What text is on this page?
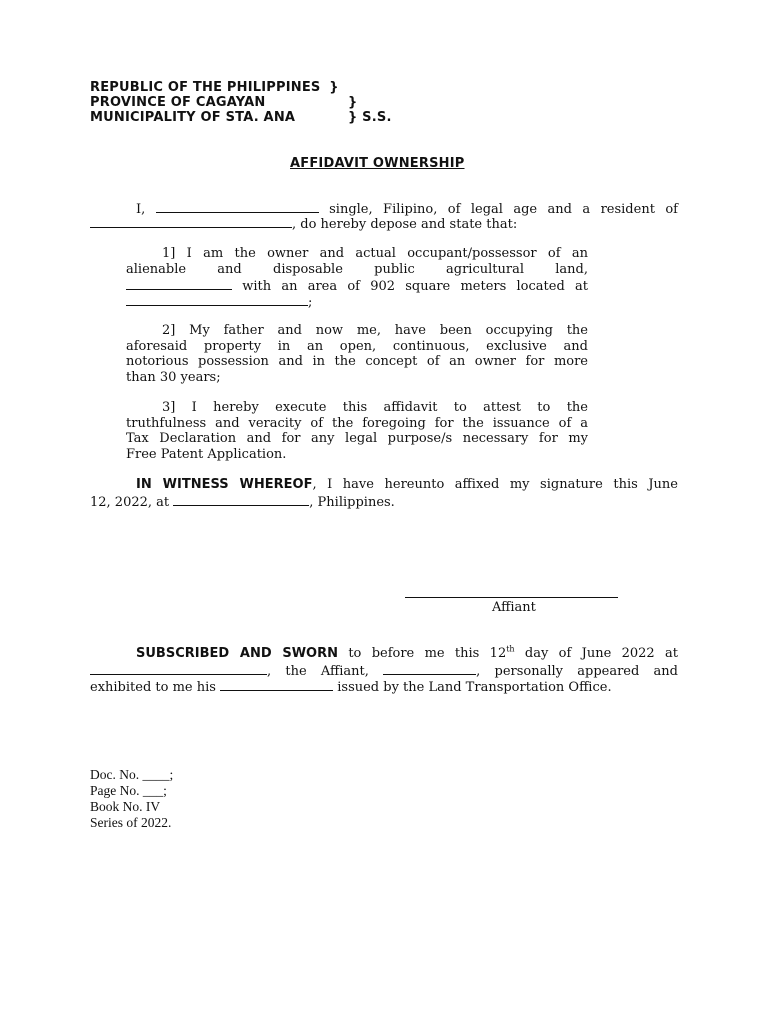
REPUBLIC OF THE PHILIPPINES }
PROVINCE OF CAGAYAN	}
MUNICIPALITY OF STA. ANA	} S.S.
AFFIDAVIT OWNERSHIP
I,	single, Filipino, of legal age and a resident of
, do hereby depose and state that:
1] I am the owner and actual occupant/possessor of an
alienable and disposable public agricultural land,
with an area of 902 square meters located at
;
2] My father and now me, have been occupying the
aforesaid property in an open, continuous, exclusive and
notorious possession and in the concept of an owner for more
than 30 years;
3] I hereby execute this affidavit to attest to the
truthfulness and veracity of the foregoing for the issuance of a
Tax Declaration and for any legal purpose/s necessary for my
Free Patent Application.
IN WITNESS WHEREOF, I have hereunto affixed my signature this June
12, 2022, at	, Philippines.
Affiant
SUBSCRIBED AND SWORN to before me this 12th day of June 2022 at
, the Affiant,	, personally appeared and
exhibited to me his	issued by the Land Transportation Office.
Doc. No. ____;
Page No. ___;
Book No. IV
Series of 2022.
